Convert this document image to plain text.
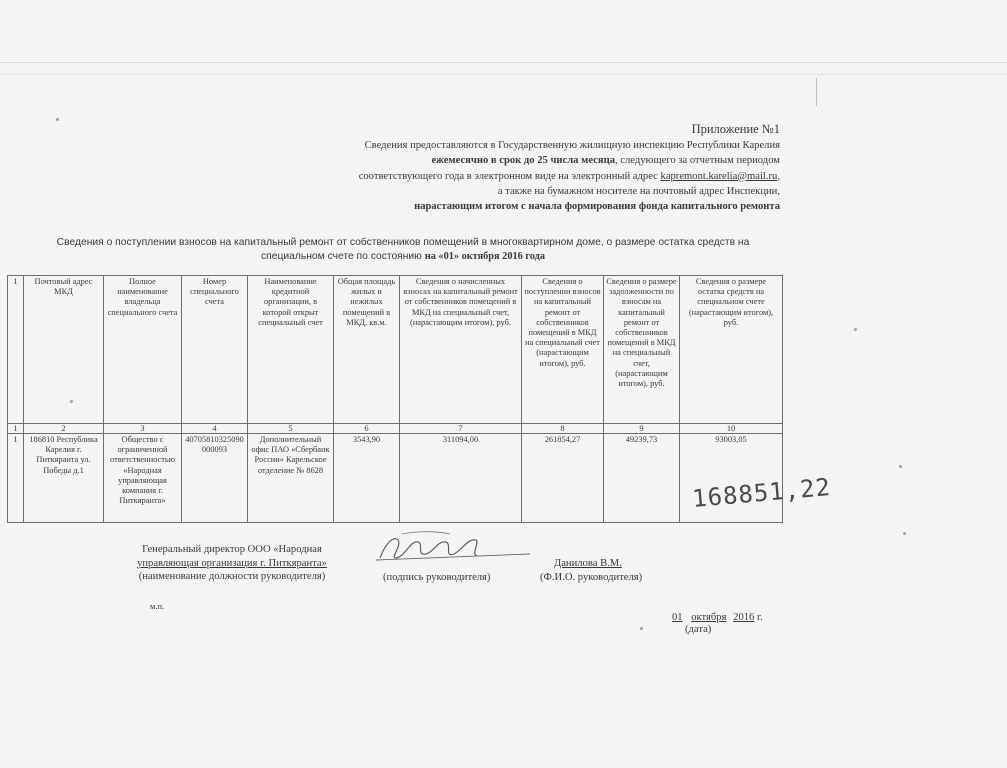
Приложение №1
Сведения предоставляются в Государственную жилищную инспекцию Республики Карелия
ежемесячно в срок до 25 числа месяца, следующего за отчетным периодом
соответствующего года в электронном виде на электронный адрес kapremont.karelia@mail.ru,
а также на бумажном носителе на почтовый адрес Инспекции,
нарастающим итогом с начала формирования фонда капитального ремонта
Сведения о поступлении взносов на капитальный ремонт от собственников помещений в многоквартирном доме, о размере остатка средств на
специальном счете по состоянию на «01» октября 2016 года
1	Почтовый адрес МКД	Полное наименование владельца специального счета	Номер специального счета	Наименование кредитной организации, в которой открыт специальный счет	Общая площадь жилых и нежилых помещений в МКД, кв.м.	Сведения о начисленных взносах на капитальный ремонт от собственников помещений в МКД на специальный счет, (нарастающим итогом), руб.	Сведения о поступлении взносов на капитальный ремонт от собственников помещений в МКД на специальный счет (нарастающим итогом), руб.	Сведения о размере задолженности по взносам на капитальный ремонт от собственников помещений в МКД на специальный счет, (нарастающим итогом), руб.	Сведения о размере остатка средств на специальном счете (нарастающим итогом), руб.
1	2	3	4	5	6	7	8	9	10
1	186810 Республика Карелия г. Питкяранта ул. Победы д.1	Общество с ограниченной ответственностью «Народная управляющая компания г. Питкяранта»	40705810325090000093	Дополнительный офис ПАО «Сбербанк России» Карельское отделение № 8628	3543,90	311094,00	261854,27	49239,73	93003,05
168851,22
Генеральный директор ООО «Народная
управляющая организация г. Питкяранта»
(наименование должности руководителя)	(подпись руководителя)
Данилова В.М.
(Ф.И.О. руководителя)
м.п.
01 октября 2016 г.
(дата)
